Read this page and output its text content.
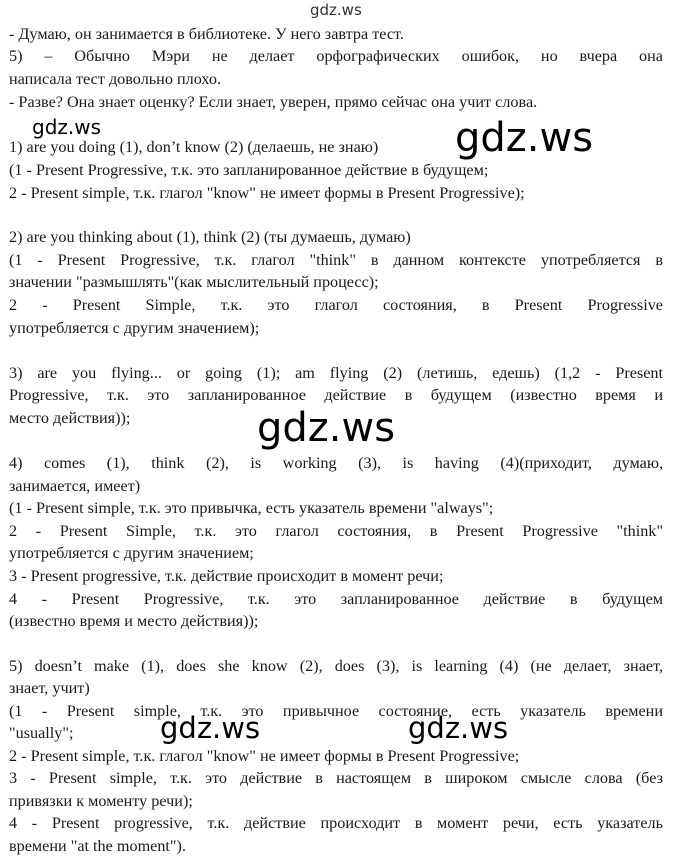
gdz.ws
- Думаю, он занимается в библиотеке. У него завтра тест.
5) – Обычно Мэри не делает орфографических ошибок, но вчера она
написала тест довольно плохо.
- Разве? Она знает оценку? Если знает, уверен, прямо сейчас она учит слова.
gdz.ws	gdz.ws
1) are you doing (1), don’t know (2) (делаешь, не знаю)
(1 - Present Progressive, т.к. это запланированное действие в будущем;
2 - Present simple, т.к. глагол "know" не имеет формы в Present Progressive);
2) are you thinking about (1), think (2) (ты думаешь, думаю)
(1 - Present Progressive, т.к. глагол "think" в данном контексте употребляется в
значении "размышлять"(как мыслительный процесс);
2 - Present Simple, т.к. это глагол состояния, в Present Progressive
употребляется с другим значением);
3) are you flying... or going (1); am flying (2) (летишь, едешь) (1,2 - Present
Progressive, т.к. это запланированное действие в будущем (известно время и
место действия));	gdz.ws
4) comes (1), think (2), is working (3), is having (4)(приходит, думаю,
занимается, имеет)
(1 - Present simple, т.к. это привычка, есть указатель времени "always";
2 - Present Simple, т.к. это глагол состояния, в Present Progressive "think"
употребляется с другим значением;
3 - Present progressive, т.к. действие происходит в момент речи;
4 - Present Progressive, т.к. это запланированное действие в будущем
(известно время и место действия));
5) doesn’t make (1), does she know (2), does (3), is learning (4) (не делает, знает,
знает, учит)
(1 - Present simple, т.к. это привычное состояние, есть указатель времени
"usually";	gdz.ws	gdz.ws
2 - Present simple, т.к. глагол "know" не имеет формы в Present Progressive;
3 - Present simple, т.к. это действие в настоящем в широком смысле слова (без
привязки к моменту речи);
4 - Present progressive, т.к. действие происходит в момент речи, есть указатель
времени "at the moment").
